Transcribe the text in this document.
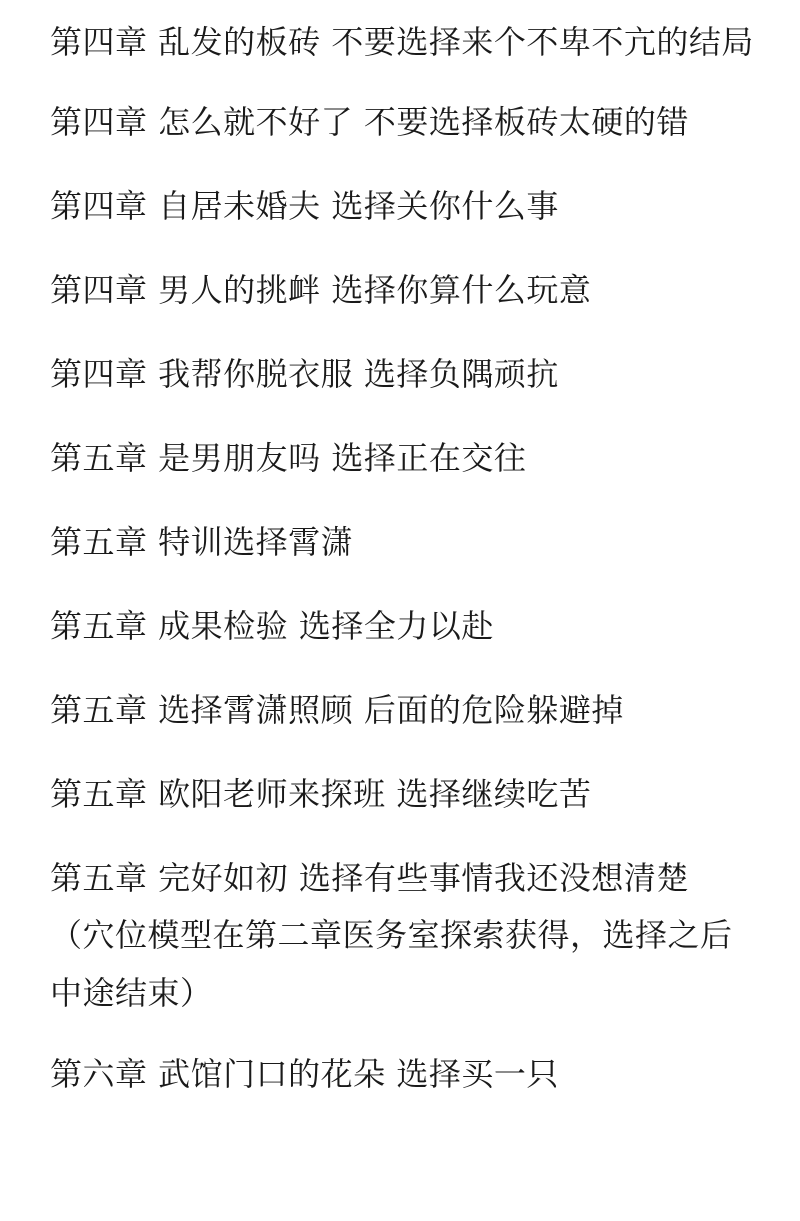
第四章 乱发的板砖 不要选择来个不卑不亢的结局

第四章 怎么就不好了 不要选择板砖太硬的错

第四章 自居未婚夫 选择关你什么事

第四章 男人的挑衅 选择你算什么玩意

第四章 我帮你脱衣服 选择负隅顽抗

第五章 是男朋友吗 选择正在交往

第五章 特训选择霄潇

第五章 成果检验 选择全力以赴

第五章 选择霄潇照顾 后面的危险躲避掉

第五章 欧阳老师来探班 选择继续吃苦

第五章 完好如初 选择有些事情我还没想清楚

（穴位模型在第二章医务室探索获得，选择之后中途结束）

第六章 武馆门口的花朵 选择买一只
